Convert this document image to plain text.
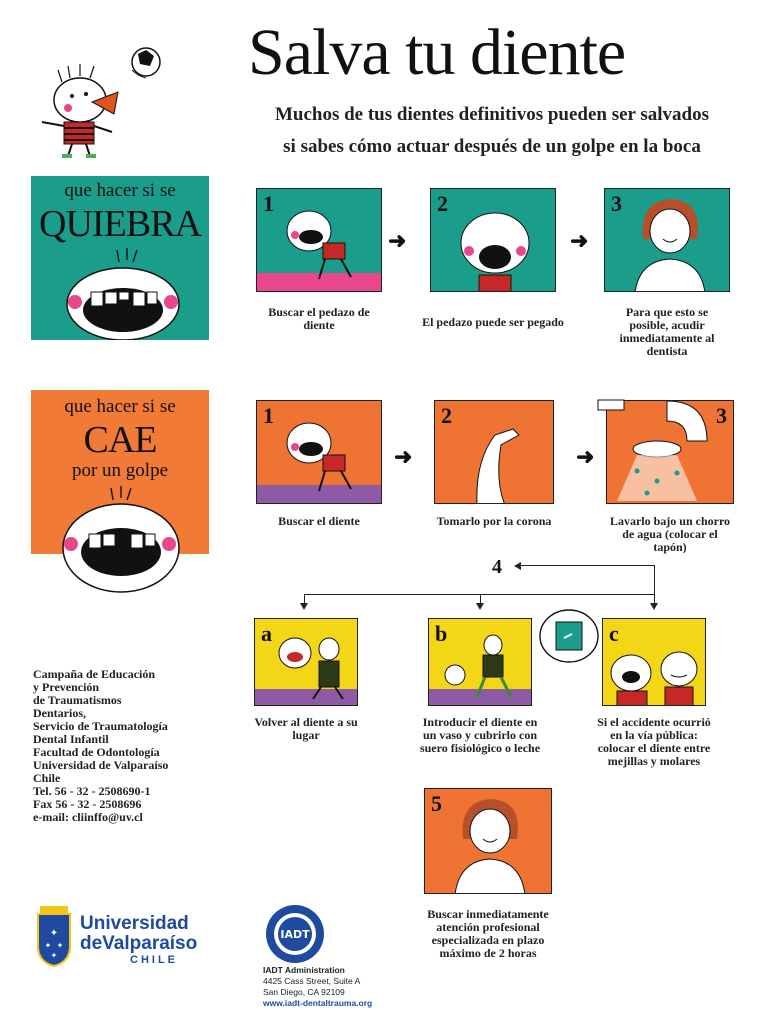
Salva tu diente
Muchos de tus dientes definitivos pueden ser salvados
si sabes cómo actuar después de un golpe en la boca
que hacer si se
QUIEBRA
que hacer si se
CAE
por un golpe
1
➜
2
➜
3
Buscar el pedazo de diente	El pedazo puede ser pegado
Para que esto se posible, acudir inmediatamente al dentista
1
➜
2
➜
3
Buscar el diente	Tomarlo por la corona	Lavarlo bajo un chorro de agua (colocar el tapón)
4
a	b	c
Volver al diente a su lugar
Introducir el diente en un vaso y cubrirlo con suero fisiológico o leche
Si el accidente ocurrió en la vía pública: colocar el diente entre mejillas y molares
5
Buscar inmediatamente atención profesional especializada en plazo máximo de 2 horas
Campaña de Educación
y Prevención
de Traumatismos
Dentarios,
Servicio de Traumatología
Dental Infantil
Facultad de Odontología
Universidad de Valparaíso
Chile
Tel. 56 - 32 - 2508690-1
Fax 56 - 32 - 2508696
e-mail: cliinffo@uv.cl
✦
✦ ✦
✦
Universidad
deValparaíso
CHILE
IADT
IADT Administration
4425 Cass Street, Suite A
San Diego, CA 92109
www.iadt-dentaltrauma.org
